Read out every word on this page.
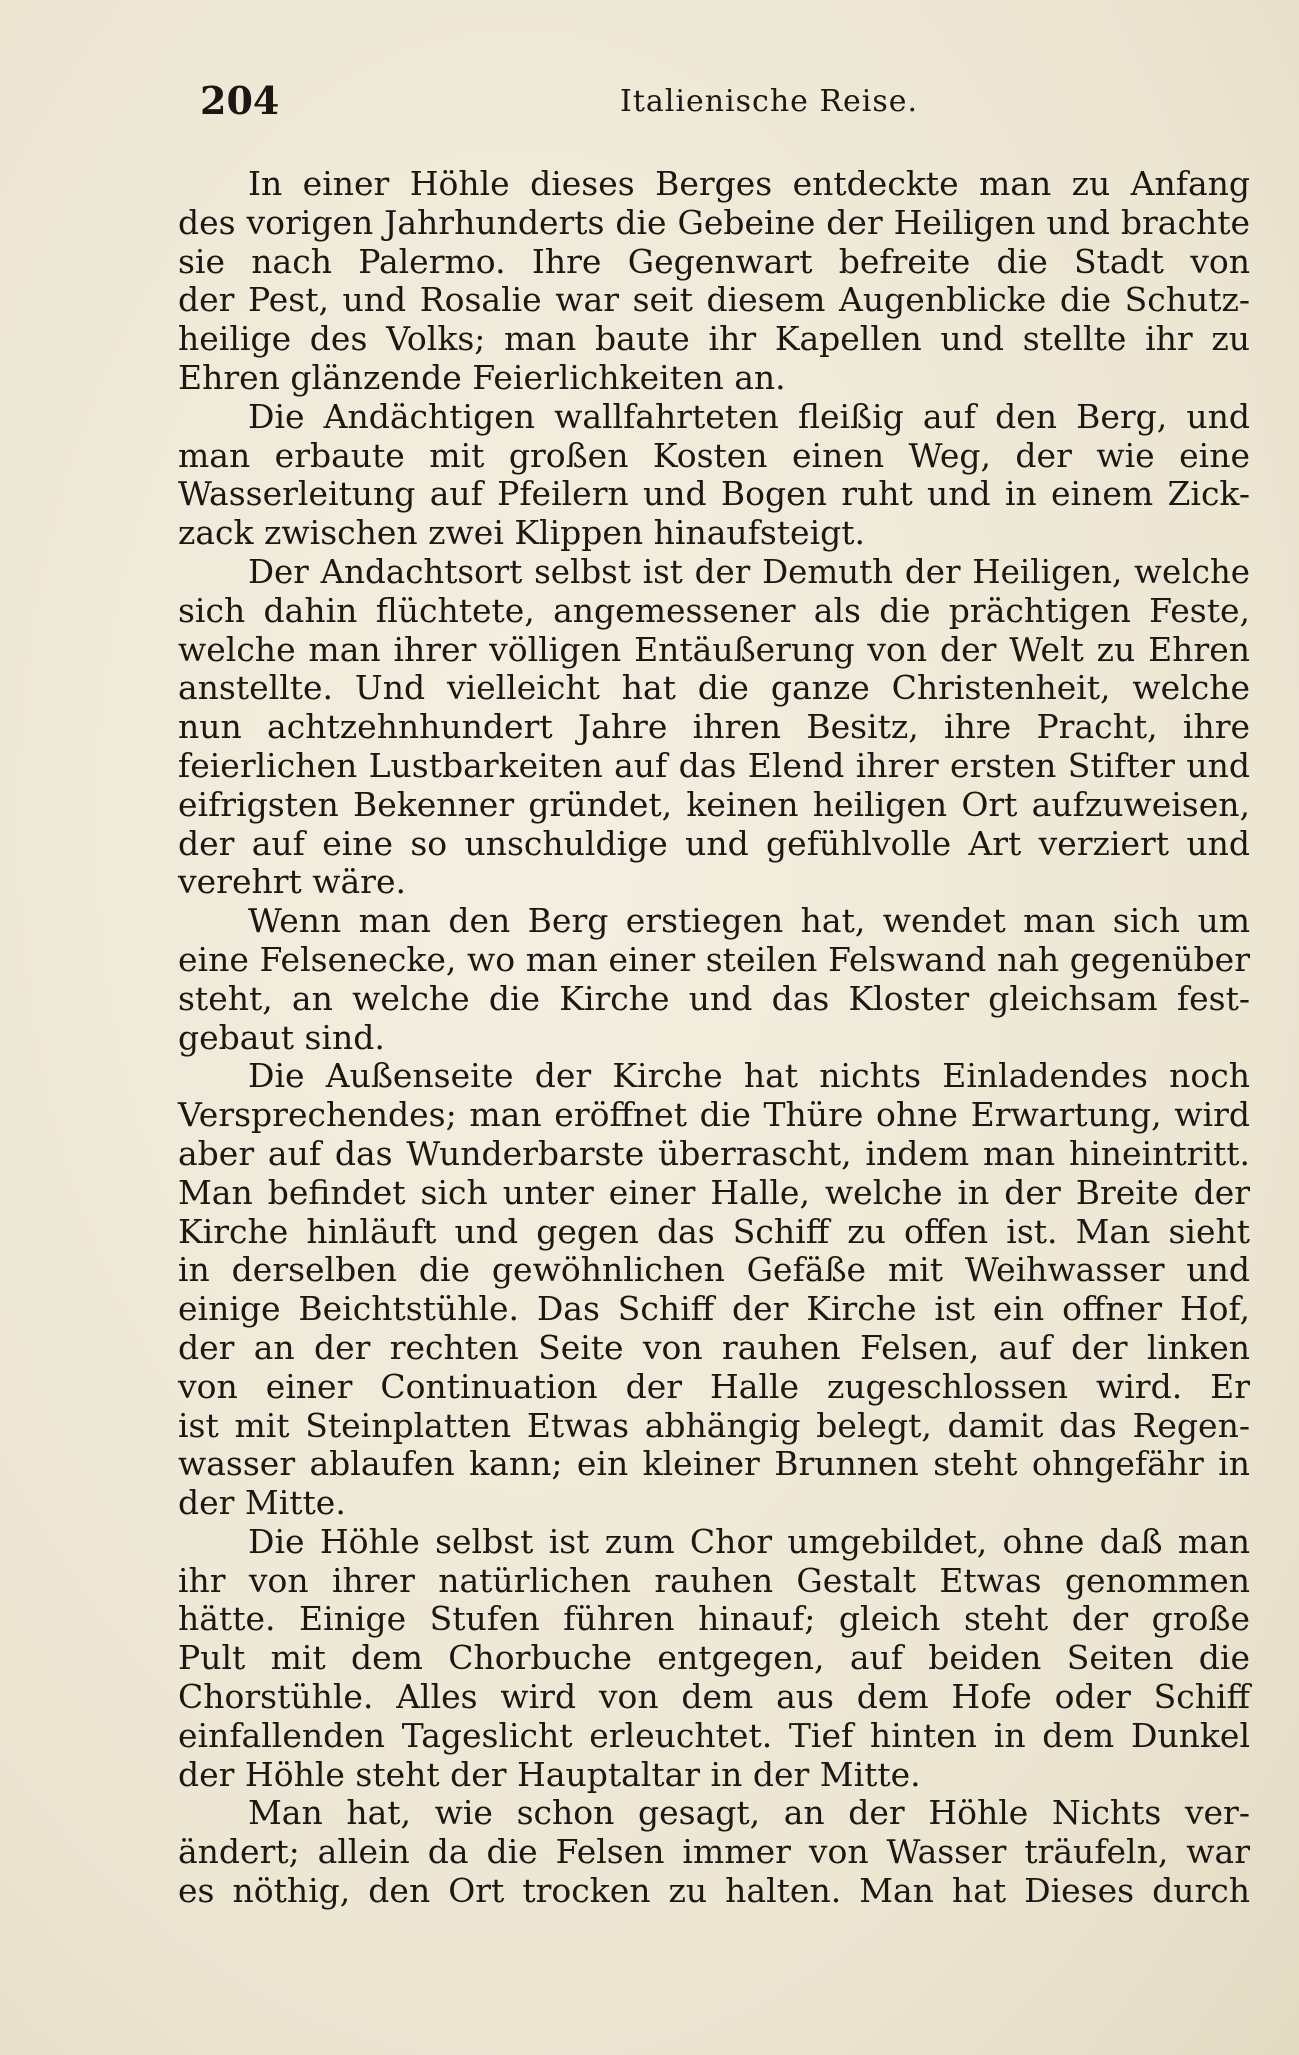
204	Italienische Reise.
In einer Höhle dieses Berges entdeckte man zu Anfang
des vorigen Jahrhunderts die Gebeine der Heiligen und brachte
sie nach Palermo. Ihre Gegenwart befreite die Stadt von
der Pest, und Rosalie war seit diesem Augenblicke die Schutz-
heilige des Volks; man baute ihr Kapellen und stellte ihr zu
Ehren glänzende Feierlichkeiten an.
Die Andächtigen wallfahrteten fleißig auf den Berg, und
man erbaute mit großen Kosten einen Weg, der wie eine
Wasserleitung auf Pfeilern und Bogen ruht und in einem Zick-
zack zwischen zwei Klippen hinaufsteigt.
Der Andachtsort selbst ist der Demuth der Heiligen, welche
sich dahin flüchtete, angemessener als die prächtigen Feste,
welche man ihrer völligen Entäußerung von der Welt zu Ehren
anstellte. Und vielleicht hat die ganze Christenheit, welche
nun achtzehnhundert Jahre ihren Besitz, ihre Pracht, ihre
feierlichen Lustbarkeiten auf das Elend ihrer ersten Stifter und
eifrigsten Bekenner gründet, keinen heiligen Ort aufzuweisen,
der auf eine so unschuldige und gefühlvolle Art verziert und
verehrt wäre.
Wenn man den Berg erstiegen hat, wendet man sich um
eine Felsenecke, wo man einer steilen Felswand nah gegenüber
steht, an welche die Kirche und das Kloster gleichsam fest-
gebaut sind.
Die Außenseite der Kirche hat nichts Einladendes noch
Versprechendes; man eröffnet die Thüre ohne Erwartung, wird
aber auf das Wunderbarste überrascht, indem man hineintritt.
Man befindet sich unter einer Halle, welche in der Breite der
Kirche hinläuft und gegen das Schiff zu offen ist. Man sieht
in derselben die gewöhnlichen Gefäße mit Weihwasser und
einige Beichtstühle. Das Schiff der Kirche ist ein offner Hof,
der an der rechten Seite von rauhen Felsen, auf der linken
von einer Continuation der Halle zugeschlossen wird. Er
ist mit Steinplatten Etwas abhängig belegt, damit das Regen-
wasser ablaufen kann; ein kleiner Brunnen steht ohngefähr in
der Mitte.
Die Höhle selbst ist zum Chor umgebildet, ohne daß man
ihr von ihrer natürlichen rauhen Gestalt Etwas genommen
hätte. Einige Stufen führen hinauf; gleich steht der große
Pult mit dem Chorbuche entgegen, auf beiden Seiten die
Chorstühle. Alles wird von dem aus dem Hofe oder Schiff
einfallenden Tageslicht erleuchtet. Tief hinten in dem Dunkel
der Höhle steht der Hauptaltar in der Mitte.
Man hat, wie schon gesagt, an der Höhle Nichts ver-
ändert; allein da die Felsen immer von Wasser träufeln, war
es nöthig, den Ort trocken zu halten. Man hat Dieses durch
